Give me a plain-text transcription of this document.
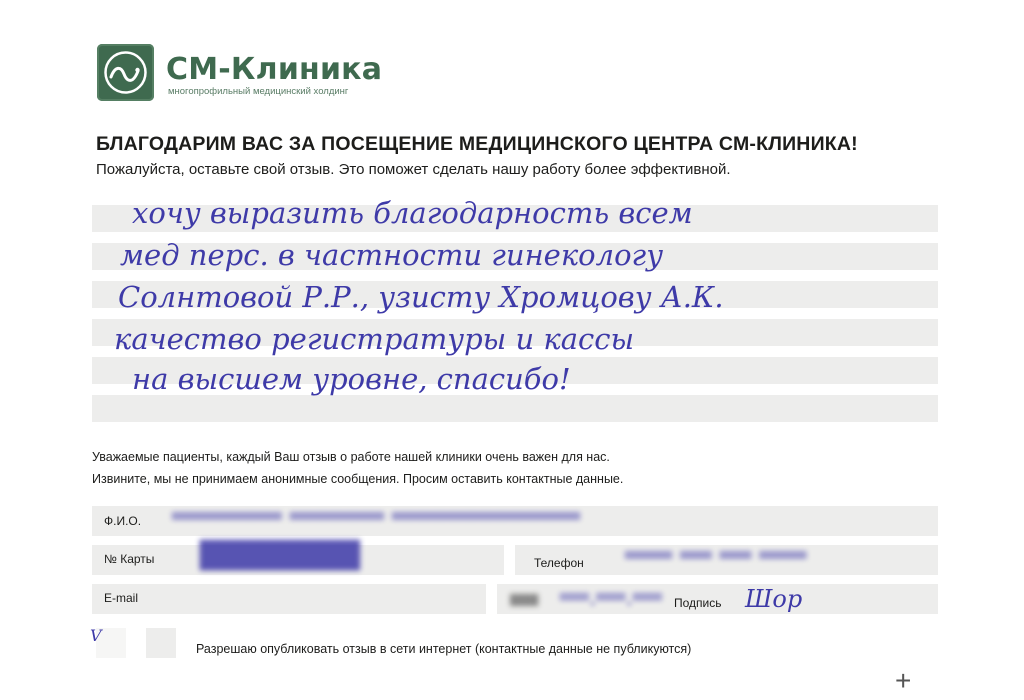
СМ-Клиника
многопрофильный медицинский холдинг
БЛАГОДАРИМ ВАС ЗА ПОСЕЩЕНИЕ МЕДИЦИНСКОГО ЦЕНТРА СМ-КЛИНИКА!
Пожалуйста, оставьте свой отзыв. Это поможет сделать нашу работу более эффективной.
хочу выразить благодарность всем
мед перс. в частности гинекологу
Солнтовой Р.Р., узисту Хромцову А.К.
качество регистратуры и кассы
на высшем уровне, спасибо!
Уважаемые пациенты, каждый Ваш отзыв о работе нашей клиники очень важен для нас.
Извините, мы не принимаем анонимные сообщения. Просим оставить контактные данные.
Ф.И.О. ═══════ ══════ ════════════
№ Карты ████████	Телефон ═══ ══ ══ ═══
E-mail	████ ══.══.══ Подпись Шор
V
Разрешаю опубликовать отзыв в сети интернет (контактные данные не публикуются)
+
